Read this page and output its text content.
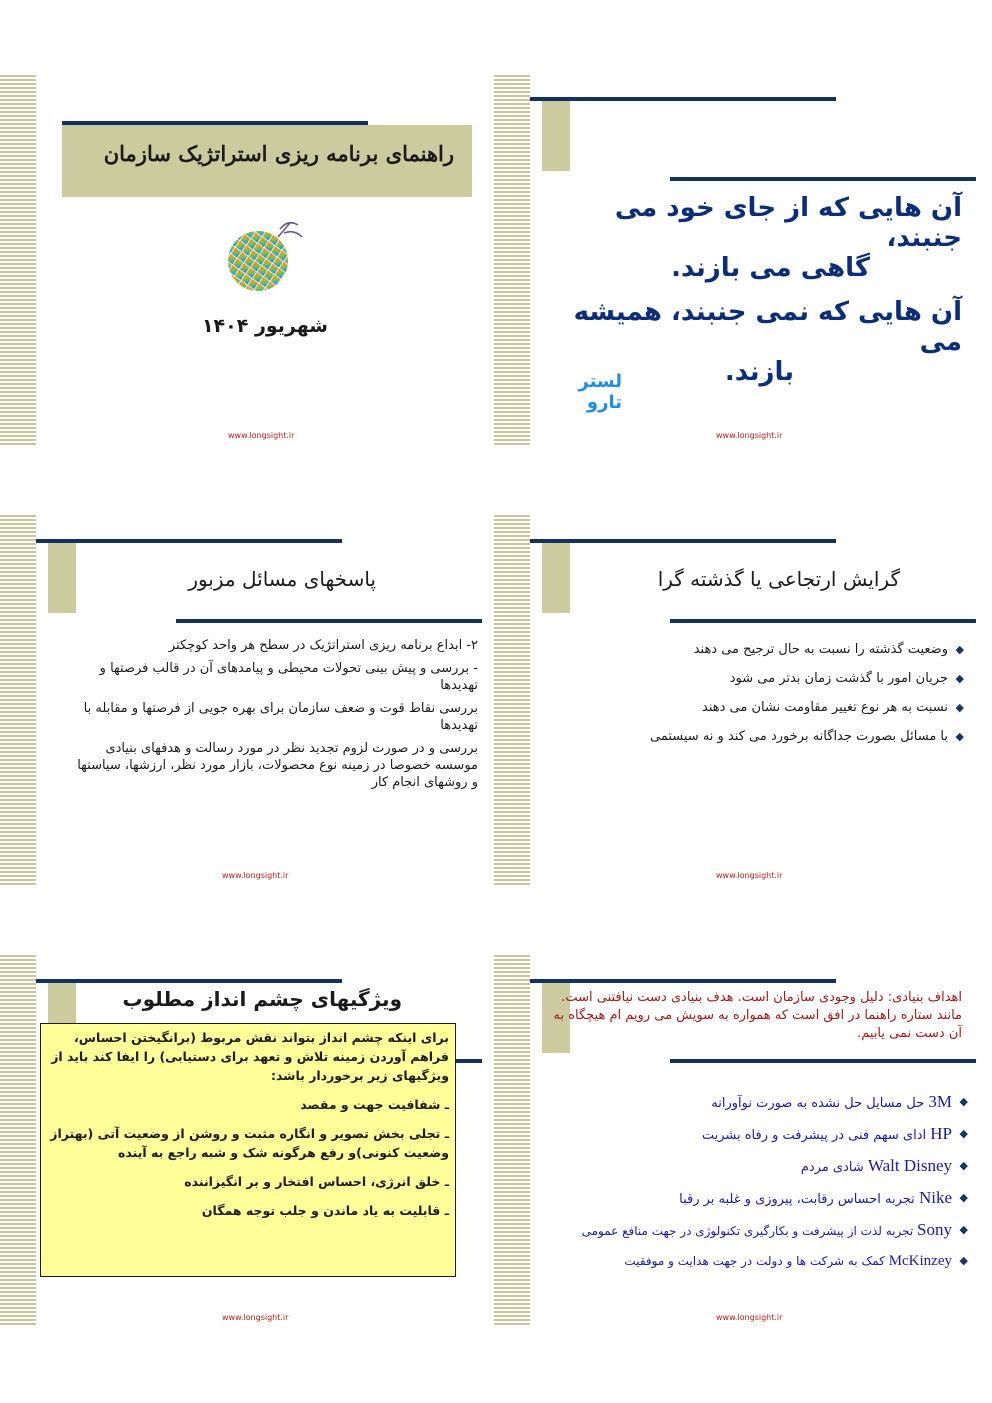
راهنمای برنامه ریزی استراتژیک سازمان
شهریور ۱۴۰۴
www.longsight.ir
آن هایی که از جای خود می جنبند،
گاهی می بازند.
آن هایی که نمی جنبند، همیشه می
بازند.
لستر تارو
www.longsight.ir
پاسخهای مسائل مزبور
۲- ابداع برنامه ریزی استراتژیک در سطح هر واحد کوچکتر
- بررسی و پیش بینی تحولات محیطی و پیامدهای آن در قالب فرصتها و تهدیدها
بررسی نقاط قوت و ضعف سازمان برای بهره جویی از فرصتها و مقابله با تهدیدها
بررسی و در صورت لزوم تجدید نظر در مورد رسالت و هدفهای بنیادی موسسه خصوصا در زمینه نوع محصولات، بازار مورد نظر، ارزشها، سیاستها و روشهای انجام کار
www.longsight.ir
گرایش ارتجاعی یا گذشته گرا
◆
وضعیت گذشته را نسبت به حال ترجیح می دهند
◆
جریان امور با گذشت زمان بدتر می شود
◆
نسبت به هر نوع تغییر مقاومت نشان می دهند
◆
با مسائل بصورت جداگانه برخورد می کند و نه سیستمی
www.longsight.ir
ویژگیهای چشم انداز مطلوب
برای اینکه چشم انداز بتواند نقش مربوط (برانگیختن احساس، فراهم آوردن زمینه تلاش و تعهد برای دستیابی) را ایفا کند باید از ویژگیهای زیر برخوردار باشد:
ـ شفافیت جهت و مقصد
ـ تجلی بخش تصویر و انگاره مثبت و روشن از وضعیت آتی (بهتراز وضعیت کنونی)و رفع هرگونه شک و شبه راجع به آینده
ـ خلق انرژی، احساس افتخار و بر انگیزاننده
ـ قابلیت به یاد ماندن و جلب توجه همگان
www.longsight.ir
اهداف بنیادی: دلیل وجودی سازمان است. هدف بنیادی دست نیافتنی است. مانند ستاره راهنما در افق است که همواره به سویش می رویم ام هیچگاه به آن دست نمی یابیم.
◆
3M حل مسایل حل نشده به صورت نوآورانه
◆
HP ادای سهم فنی در پیشرفت و رفاه بشریت
◆
Walt Disney شادی مردم
◆
Nike تجربه احساس رقابت، پیروزی و غلبه بر رقبا
◆
Sony تجربه لذت از پیشرفت و بکارگیری تکنولوژی در جهت منافع عمومی
◆
McKinzey کمک به شرکت ها و دولت در جهت هدایت و موفقیت
www.longsight.ir
